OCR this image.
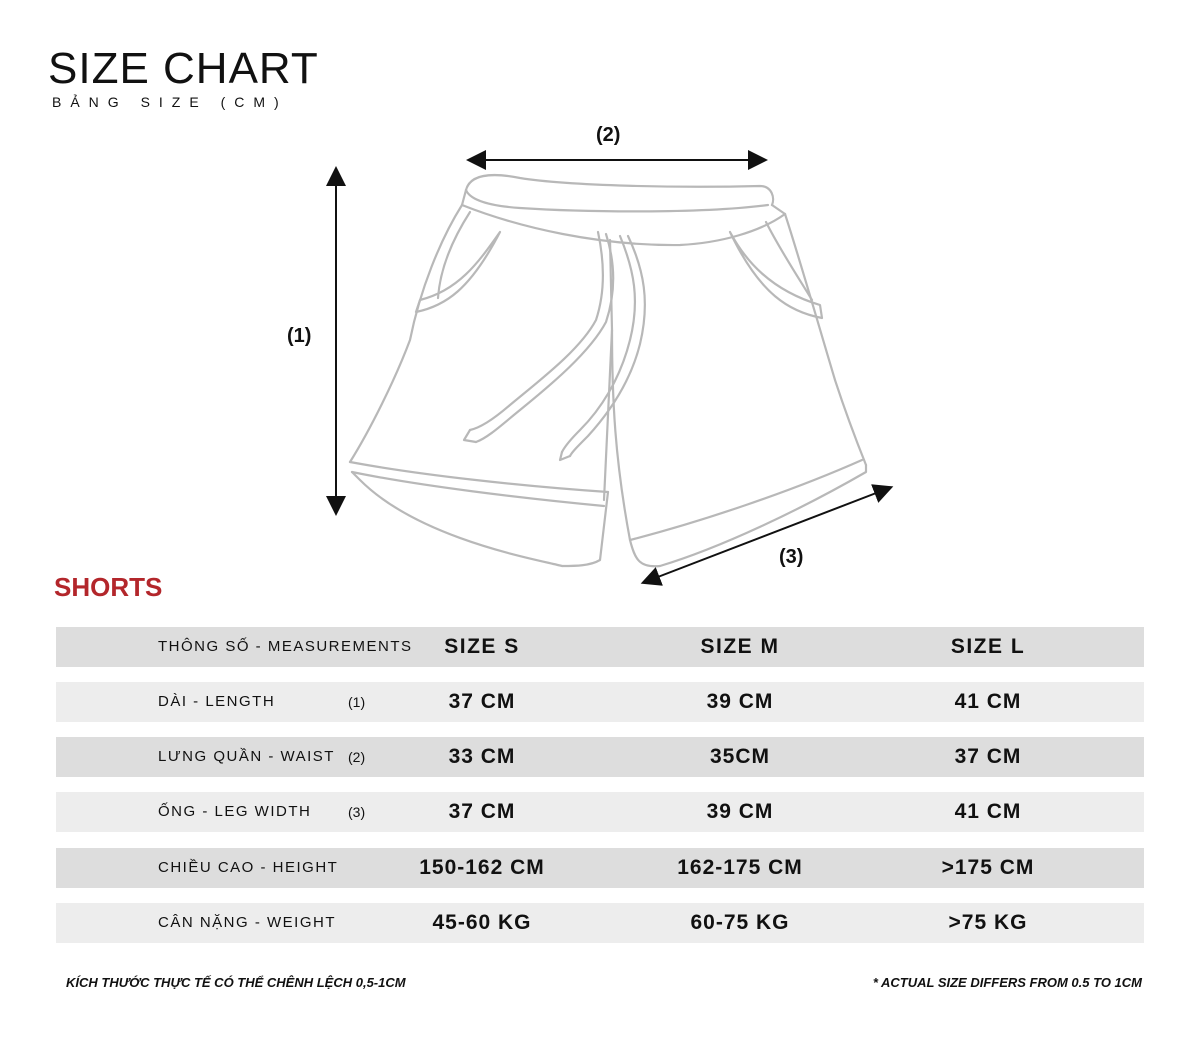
SIZE CHART
BẢNG SIZE (CM)
(1)
(2)
(3)
SHORTS
THÔNG SỐ - MEASUREMENTS	SIZE S	SIZE M	SIZE L
DÀI - LENGTH	(1)	37 CM	39 CM	41 CM
LƯNG QUẦN - WAIST (2)	33 CM	35CM	37 CM
ỐNG - LEG WIDTH	(3)	37 CM	39 CM	41 CM
CHIỀU CAO - HEIGHT	150-162 CM	162-175 CM	>175 CM
CÂN NẶNG - WEIGHT	45-60 KG	60-75 KG	>75 KG
KÍCH THƯỚC THỰC TẾ CÓ THỂ CHÊNH LỆCH 0,5-1CM	* ACTUAL SIZE DIFFERS FROM 0.5 TO 1CM
